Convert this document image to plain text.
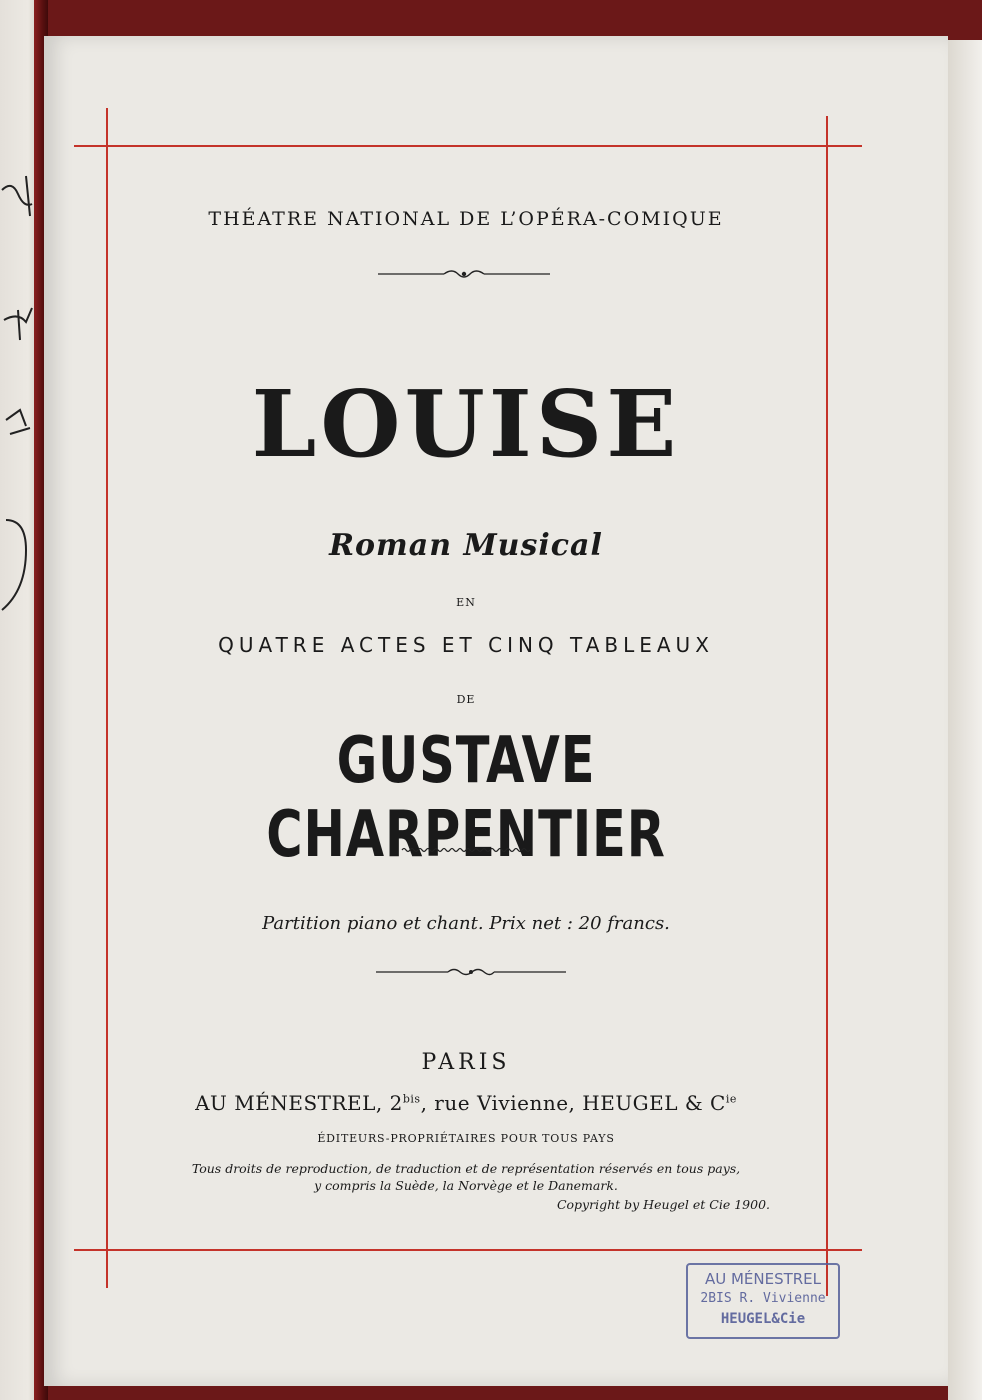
THÉATRE NATIONAL DE L’OPÉRA-COMIQUE
LOUISE
Roman Musical
EN
QUATRE ACTES ET CINQ TABLEAUX
DE
GUSTAVE CHARPENTIER
Partition piano et chant. Prix net : 20 francs.
PARIS
AU MÉNESTREL, $2^{bis}$, rue Vivienne, HEUGEL & $C^{ie}$
ÉDITEURS-PROPRIÉTAIRES POUR TOUS PAYS
Tous droits de reproduction, de traduction et de représentation réservés en tous pays,
y compris la Suède, la Norvège et le Danemark.
Copyright by Heugel et Cie 1900.
AU MÉNESTREL
2BIS R. Vivienne
HEUGEL&Cie
